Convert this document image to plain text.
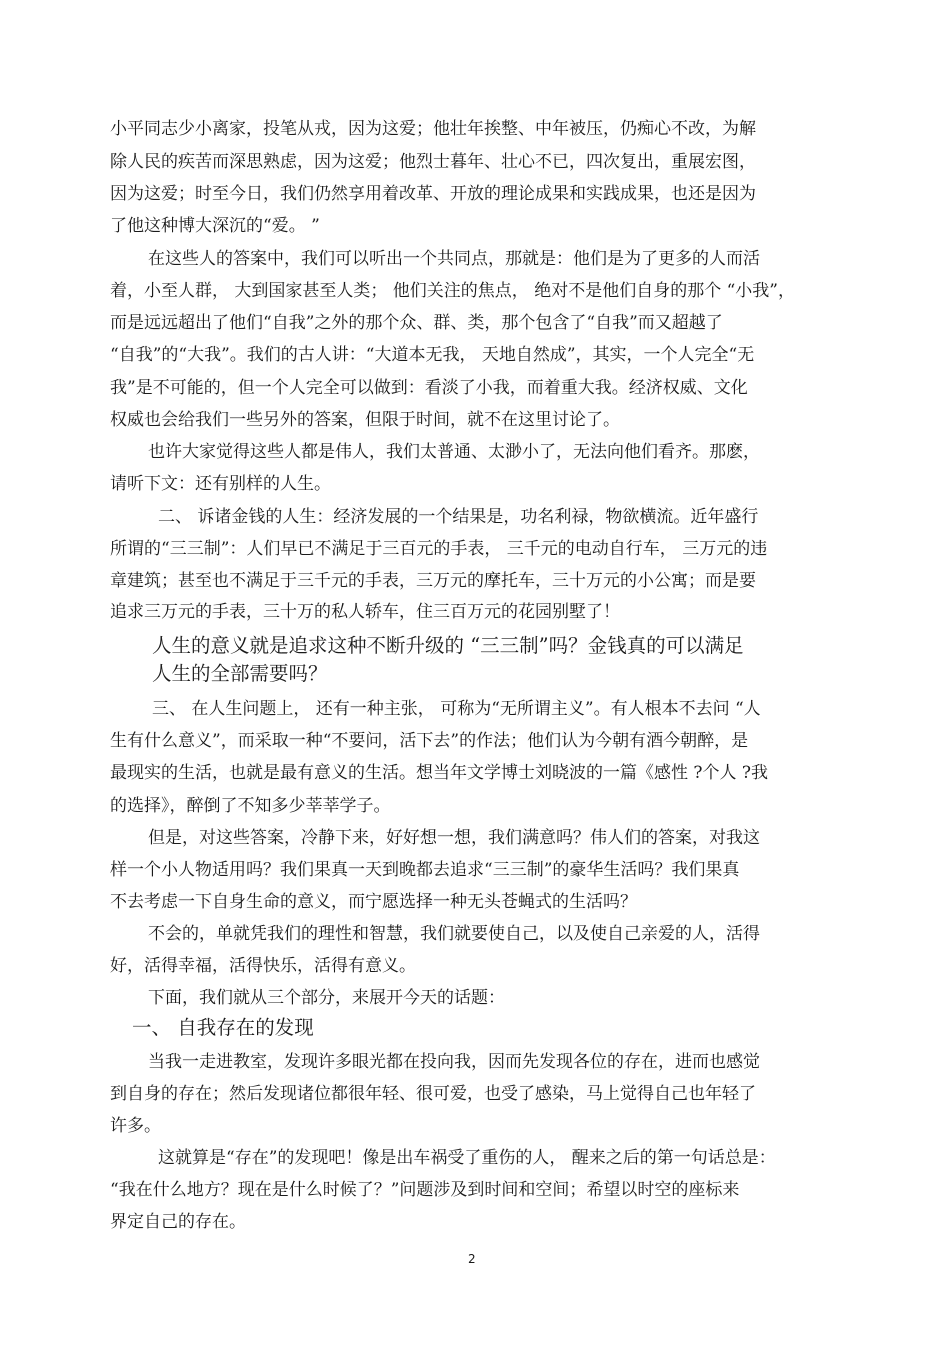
小平同志少小离家，投笔从戎，因为这爱；他壮年挨整、中年被压，仍痴心不改，为解

除人民的疾苦而深思熟虑，因为这爱；他烈士暮年、壮心不已，四次复出，重展宏图，

因为这爱；时至今日，我们仍然享用着改革、开放的理论成果和实践成果，也还是因为

了他这种博大深沉的“爱。 ”

在这些人的答案中，我们可以听出一个共同点，那就是：他们是为了更多的人而活

着，小至人群， 大到国家甚至人类； 他们关注的焦点， 绝对不是他们自身的那个 “小我”，

而是远远超出了他们“自我”之外的那个众、群、类，那个包含了“自我”而又超越了

“自我”的“大我”。我们的古人讲：“大道本无我， 天地自然成”，其实，一个人完全“无

我”是不可能的，但一个人完全可以做到：看淡了小我，而着重大我。经济权威、文化

权威也会给我们一些另外的答案，但限于时间，就不在这里讨论了。

也许大家觉得这些人都是伟人，我们太普通、太渺小了，无法向他们看齐。那麽，

请听下文：还有别样的人生。

二、 诉诸金钱的人生：经济发展的一个结果是，功名利禄，物欲横流。近年盛行

所谓的“三三制”：人们早已不满足于三百元的手表， 三千元的电动自行车， 三万元的违

章建筑；甚至也不满足于三千元的手表，三万元的摩托车，三十万元的小公寓；而是要

追求三万元的手表，三十万的私人轿车，住三百万元的花园别墅了！

人生的意义就是追求这种不断升级的 “三三制”吗？金钱真的可以满足

人生的全部需要吗？

三、 在人生问题上， 还有一种主张， 可称为“无所谓主义”。有人根本不去问 “人

生有什么意义”，而采取一种“不要问，活下去”的作法；他们认为今朝有酒今朝醉，是

最现实的生活，也就是最有意义的生活。想当年文学博士刘晓波的一篇《感性 ?个人 ?我

的选择》，醉倒了不知多少莘莘学子。

但是，对这些答案，冷静下来，好好想一想，我们满意吗？伟人们的答案，对我这

样一个小人物适用吗？我们果真一天到晚都去追求“三三制”的豪华生活吗？我们果真

不去考虑一下自身生命的意义，而宁愿选择一种无头苍蝇式的生活吗？

不会的，单就凭我们的理性和智慧，我们就要使自己，以及使自己亲爱的人，活得

好，活得幸福，活得快乐，活得有意义。

下面，我们就从三个部分，来展开今天的话题：

一、 自我存在的发现

当我一走进教室，发现许多眼光都在投向我，因而先发现各位的存在，进而也感觉

到自身的存在；然后发现诸位都很年轻、很可爱，也受了感染，马上觉得自己也年轻了

许多。

这就算是“存在”的发现吧！像是出车祸受了重伤的人， 醒来之后的第一句话总是：

“我在什么地方？现在是什么时候了？”问题涉及到时间和空间；希望以时空的座标来

界定自己的存在。

2
